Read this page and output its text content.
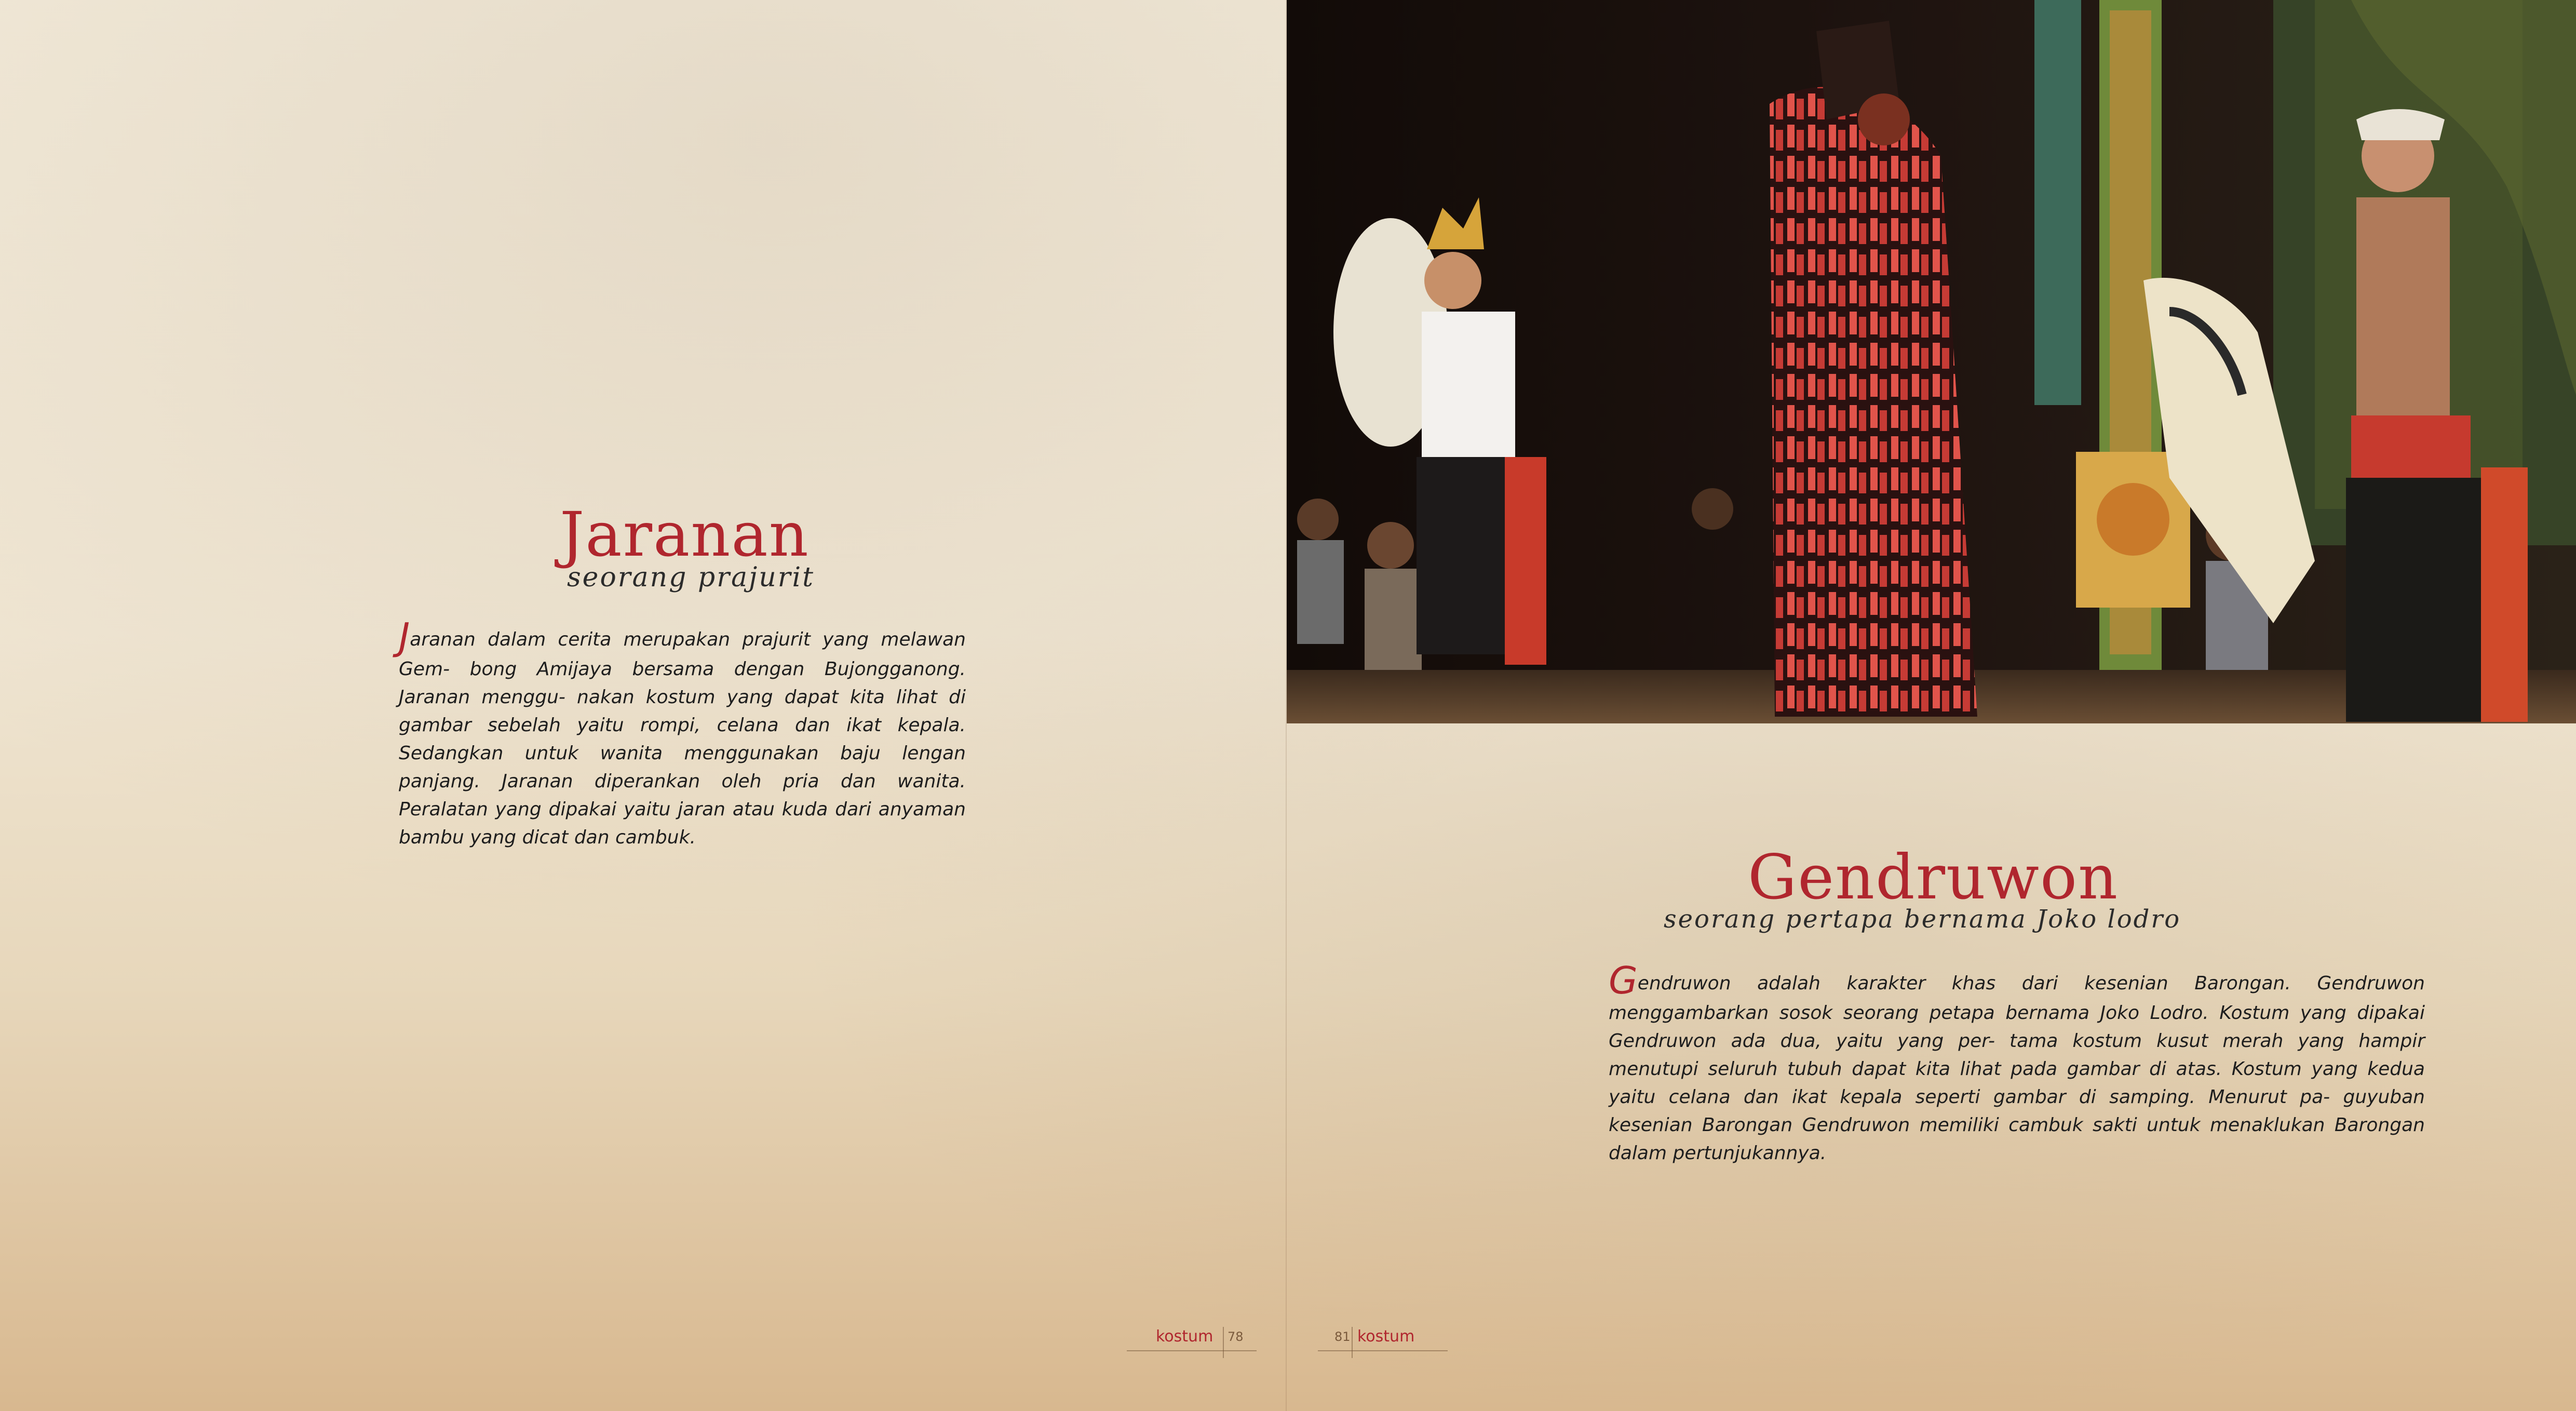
Jaranan
seorang prajurit
Jaranan dalam cerita merupakan prajurit yang melawan Gem- bong Amijaya bersama dengan Bujongganong. Jaranan menggu- nakan kostum yang dapat kita lihat di gambar sebelah yaitu rompi, celana dan ikat kepala. Sedangkan untuk wanita menggunakan baju lengan panjang. Jaranan diperankan oleh pria dan wanita. Peralatan yang dipakai yaitu jaran atau kuda dari anyaman bambu yang dicat dan cambuk.
kostum 78
Gendruwon
seorang pertapa bernama Joko lodro
Gendruwon adalah karakter khas dari kesenian Barongan. Gendruwon menggambarkan sosok seorang petapa bernama Joko Lodro. Kostum yang dipakai Gendruwon ada dua, yaitu yang per- tama kostum kusut merah yang hampir menutupi seluruh tubuh dapat kita lihat pada gambar di atas. Kostum yang kedua yaitu celana dan ikat kepala seperti gambar di samping. Menurut pa- guyuban kesenian Barongan Gendruwon memiliki cambuk sakti untuk menaklukan Barongan dalam pertunjukannya.
81 kostum
